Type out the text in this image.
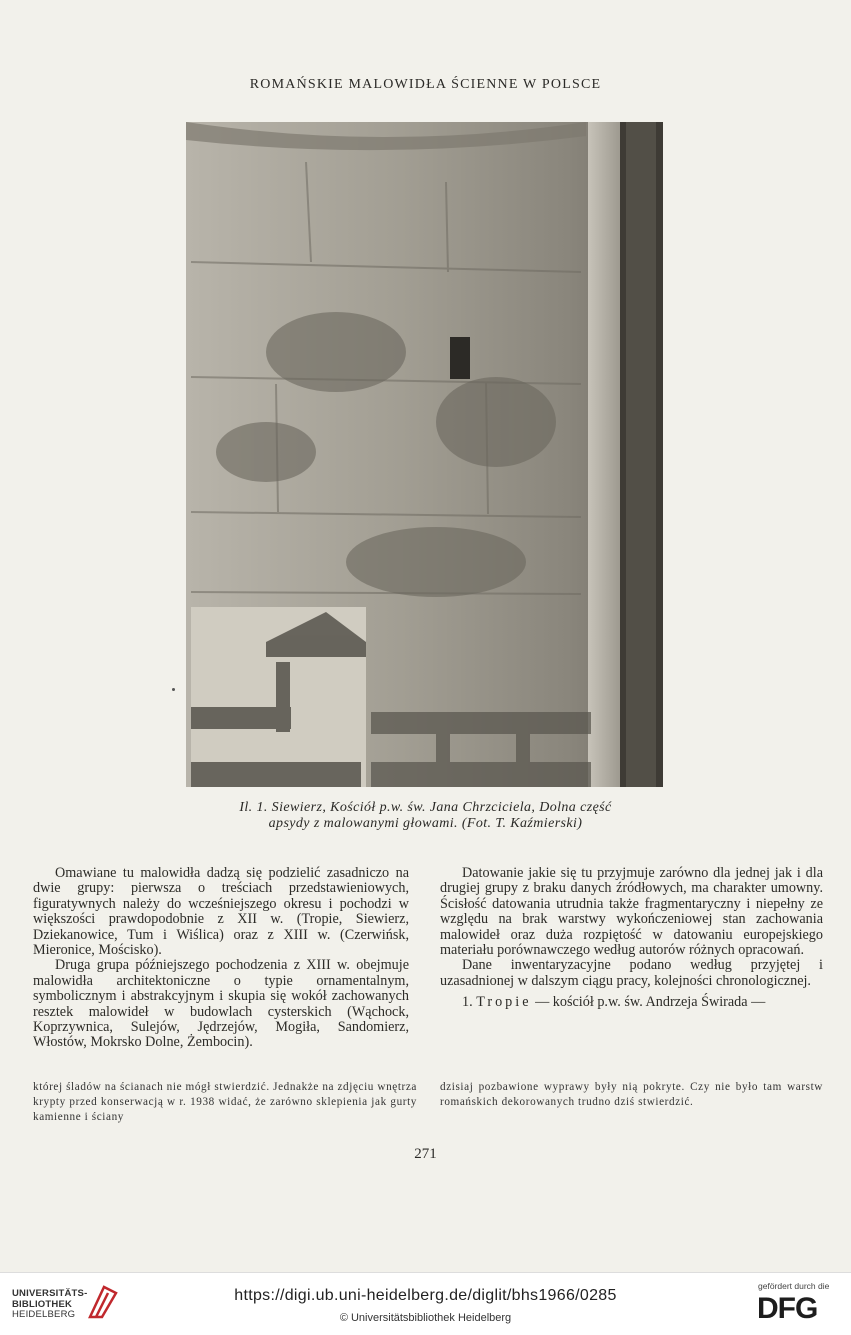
ROMAŃSKIE MALOWIDŁA ŚCIENNE W POLSCE
Il. 1. Siewierz, Kościół p.w. św. Jana Chrzciciela, Dolna część
apsydy z malowanymi głowami. (Fot. T. Kaźmierski)

Omawiane tu malowidła dadzą się podzielić zasadniczo na dwie grupy: pierwsza o treściach przedstawieniowych, figuratywnych należy do wcześniejszego okresu i pochodzi w większości prawdopodobnie z XII w. (Tropie, Siewierz, Dziekanowice, Tum i Wiślica) oraz z XIII w. (Czerwińsk, Mieronice, Mościsko).

Druga grupa późniejszego pochodzenia z XIII w. obejmuje malowidła architektoniczne o typie ornamentalnym, symbolicznym i abstrakcyjnym i skupia się wokół zachowanych resztek malowideł w budowlach cysterskich (Wąchock, Koprzywnica, Sulejów, Jędrzejów, Mogiła, Sandomierz, Włostów, Mokrsko Dolne, Żembocin).

Datowanie jakie się tu przyjmuje zarówno dla jednej jak i dla drugiej grupy z braku danych źródłowych, ma charakter umowny. Ścisłość datowania utrudnia także fragmentaryczny i niepełny ze względu na brak warstwy wykończeniowej stan zachowania malowideł oraz duża rozpiętość w datowaniu europejskiego materiału porównawczego według autorów różnych opracowań.

Dane inwentaryzacyjne podano według przyjętej i uzasadnionej w dalszym ciągu pracy, kolejności chronologicznej.

1. Tropie — kościół p.w. św. Andrzeja Świrada —

której śladów na ścianach nie mógł stwierdzić. Jednakże na zdjęciu wnętrza krypty przed konserwacją w r. 1938 widać, że zarówno sklepienia jak gurty kamienne i ściany
dzisiaj pozbawione wyprawy były nią pokryte. Czy nie było tam warstw romańskich dekorowanych trudno dziś stwierdzić.
271
UNIVERSITÄTS-
BIBLIOTHEK
HEIDELBERG
https://digi.ub.uni-heidelberg.de/diglit/bhs1966/0285
© Universitätsbibliothek Heidelberg
gefördert durch die
DFG
